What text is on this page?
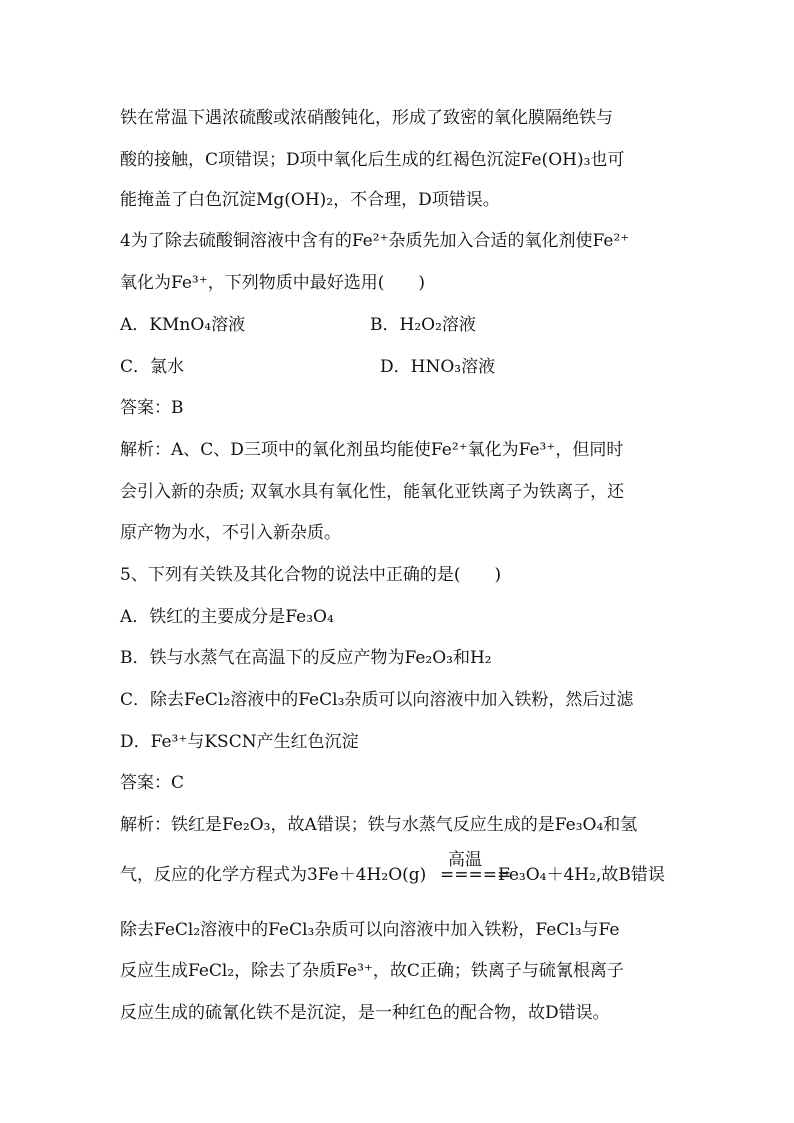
铁在常温下遇浓硫酸或浓硝酸钝化，形成了致密的氧化膜隔绝铁与
酸的接触，C项错误；D项中氧化后生成的红褐色沉淀Fe(OH)₃也可
能掩盖了白色沉淀Mg(OH)₂，不合理，D项错误。
4为了除去硫酸铜溶液中含有的Fe²⁺杂质先加入合适的氧化剂使Fe²⁺
氧化为Fe³⁺，下列物质中最好选用(　　)
A．KMnO₄溶液	B．H₂O₂溶液
C．氯水	D．HNO₃溶液
答案：B
解析：A、C、D三项中的氧化剂虽均能使Fe²⁺氧化为Fe³⁺，但同时
会引入新的杂质; 双氧水具有氧化性，能氧化亚铁离子为铁离子，还
原产物为水，不引入新杂质。
5、下列有关铁及其化合物的说法中正确的是(　　)
A．铁红的主要成分是Fe₃O₄
B．铁与水蒸气在高温下的反应产物为Fe₂O₃和H₂
C．除去FeCl₂溶液中的FeCl₃杂质可以向溶液中加入铁粉，然后过滤
D．Fe³⁺与KSCN产生红色沉淀
答案：C
解析：铁红是Fe₂O₃，故A错误；铁与水蒸气反应生成的是Fe₃O₄和氢
气，反应的化学方程式为3Fe＋4H₂O(g)
高温
=====
Fe₃O₄＋4H₂,故B错误
除去FeCl₂溶液中的FeCl₃杂质可以向溶液中加入铁粉，FeCl₃与Fe
反应生成FeCl₂，除去了杂质Fe³⁺，故C正确；铁离子与硫氰根离子
反应生成的硫氰化铁不是沉淀，是一种红色的配合物，故D错误。
